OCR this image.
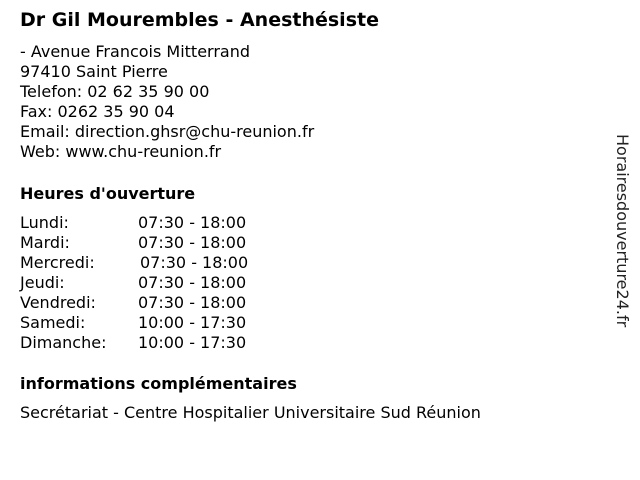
Dr Gil Mourembles - Anesthésiste
- Avenue Francois Mitterrand
97410 Saint Pierre
Telefon: 02 62 35 90 00
Fax: 0262 35 90 04
Email: direction.ghsr@chu-reunion.fr
Web: www.chu-reunion.fr
Heures d'ouverture
Lundi:	07:30 - 18:00
Mardi:	07:30 - 18:00
Mercredi:	07:30 - 18:00
Jeudi:	07:30 - 18:00
Vendredi:	07:30 - 18:00
Samedi:	10:00 - 17:30
Dimanche: 10:00 - 17:30
informations complémentaires
Secrétariat - Centre Hospitalier Universitaire Sud Réunion
Horairesdouverture24.fr
